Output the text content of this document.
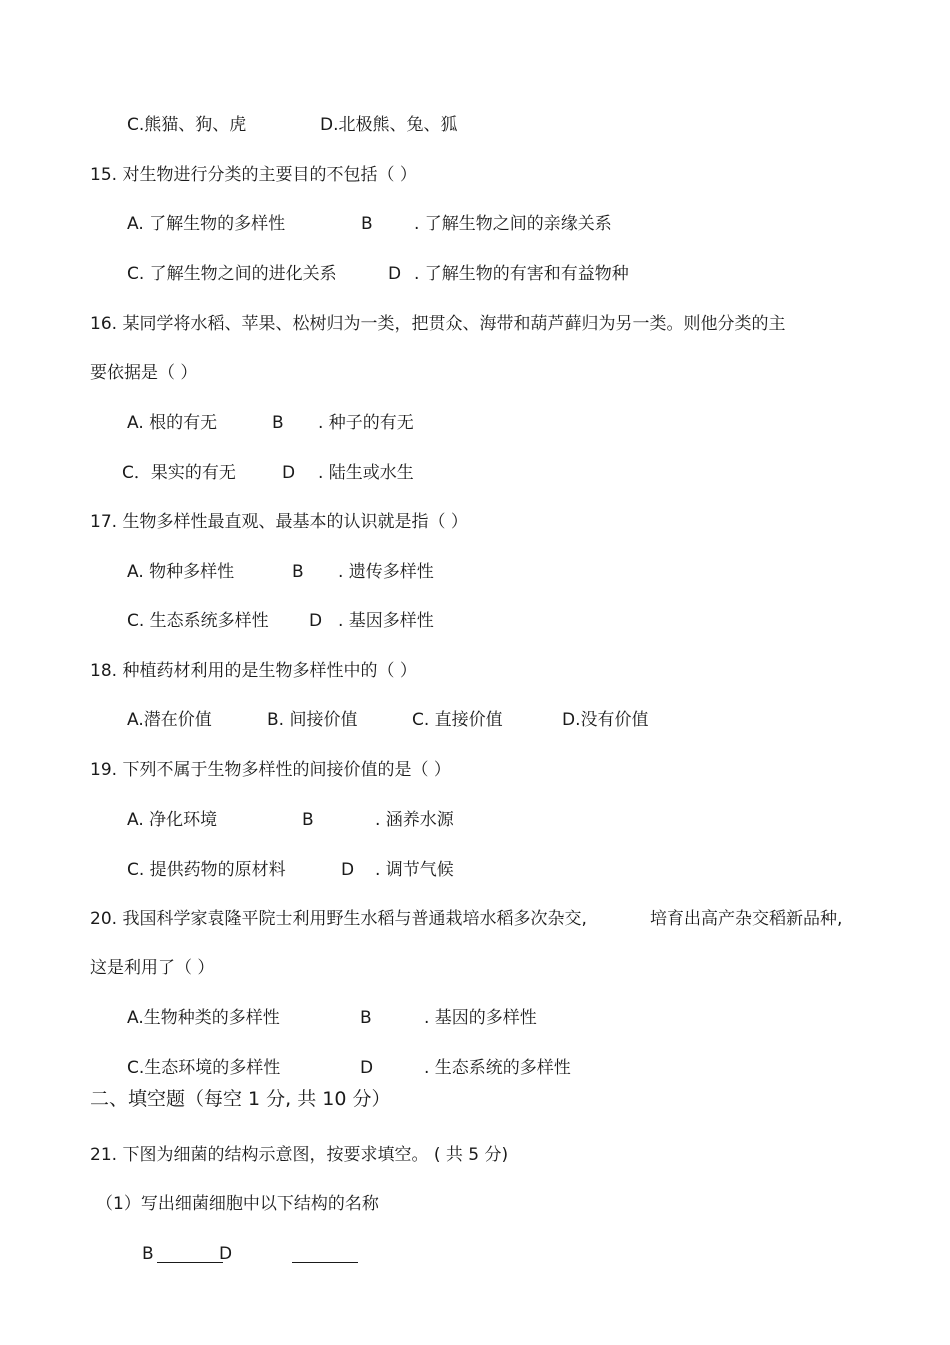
C.熊猫、狗、虎	D.北极熊、兔、狐
15. 对生物进行分类的主要目的不包括（ ）
A. 了解生物的多样性	B . 了解生物之间的亲缘关系
C. 了解生物之间的进化关系	D . 了解生物的有害和有益物种
16. 某同学将水稻、苹果、松树归为一类，把贯众、海带和葫芦藓归为另一类。则他分类的主
要依据是（ ）
A. 根的有无	B . 种子的有无
C．果实的有无	D . 陆生或水生
17. 生物多样性最直观、最基本的认识就是指（ ）
A. 物种多样性	B . 遗传多样性
C. 生态系统多样性 D . 基因多样性
18. 种植药材利用的是生物多样性中的（ ）
A.潜在价值	B. 间接价值	C. 直接价值	D.没有价值
19. 下列不属于生物多样性的间接价值的是（ ）
A. 净化环境	B	. 涵养水源
C. 提供药物的原材料	D . 调节气候
20. 我国科学家袁隆平院士利用野生水稻与普通栽培水稻多次杂交,	培育出高产杂交稻新品种,
这是利用了（ ）
A.生物种类的多样性	B	. 基因的多样性
C.生态环境的多样性	D	. 生态系统的多样性
二、填空题（每空 1 分, 共 10 分）
21. 下图为细菌的结构示意图，按要求填空。 ( 共 5 分)
（1）写出细菌细胞中以下结构的名称
B	D
